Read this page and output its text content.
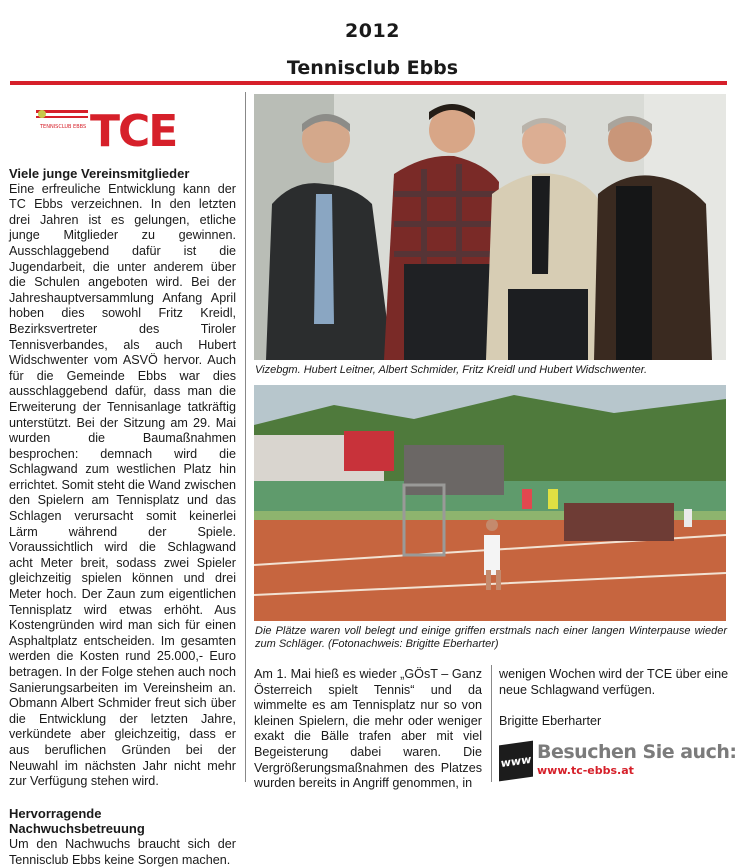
2012
Tennisclub Ebbs
TENNISCLUB EBBS TCE
Viele junge Vereinsmitglieder

Eine erfreuliche Entwicklung kann der TC Ebbs verzeichnen. In den letzten drei Jahren ist es gelungen, etliche junge Mitglieder zu gewinnen. Ausschlaggebend dafür ist die Jugendarbeit, die unter anderem über die Schulen angeboten wird. Bei der Jahreshauptversammlung Anfang April hoben dies sowohl Fritz Kreidl, Bezirksvertreter des Tiroler Tennisverbandes, als auch Hubert Widschwenter vom ASVÖ hervor. Auch für die Gemeinde Ebbs war dies ausschlaggebend dafür, dass man die Erweiterung der Tennisanlage tatkräftig unterstützt. Bei der Sitzung am 29. Mai wurden die Baumaßnahmen besprochen: demnach wird die Schlagwand zum westlichen Platz hin errichtet. Somit steht die Wand zwischen den Spielern am Tennisplatz und das Schlagen verursacht somit keinerlei Lärm während der Spiele. Voraussichtlich wird die Schlagwand acht Meter breit, sodass zwei Spieler gleichzeitig spielen können und drei Meter hoch. Der Zaun zum eigentlichen Tennisplatz wird etwas erhöht. Aus Kostengründen wird man sich für einen Asphaltplatz entscheiden. Im gesamten werden die Kosten rund 25.000,- Euro betragen. In der Folge stehen auch noch Sanierungsarbeiten im Vereinsheim an. Obmann Albert Schmider freut sich über die Entwicklung der letzten Jahre, verkündete aber gleichzeitig, dass er aus beruflichen Gründen bei der Neuwahl im nächsten Jahr nicht mehr zur Verfügung stehen wird.

Hervorragende Nachwuchsbetreuung

Um den Nachwuchs braucht sich der Tennisclub Ebbs keine Sorgen machen.

Vizebgm. Hubert Leitner, Albert Schmider, Fritz Kreidl und Hubert Widschwenter.
Die Plätze waren voll belegt und einige griffen erstmals nach einer langen Winterpause wieder zum Schläger. (Fotonachweis: Brigitte Eberharter)
Am 1. Mai hieß es wieder „GÖsT – Ganz Österreich spielt Tennis“ und da wimmelte es am Tennisplatz nur so von kleinen Spielern, die mehr oder weniger exakt die Bälle trafen aber mit viel Begeisterung dabei waren. Die Vergrößerungsmaßnahmen des Platzes wurden bereits in Angriff genommen, in

wenigen Wochen wird der TCE über eine neue Schlagwand verfügen.

Brigitte Eberharter

www Besuchen Sie auch:
www.tc-ebbs.at
